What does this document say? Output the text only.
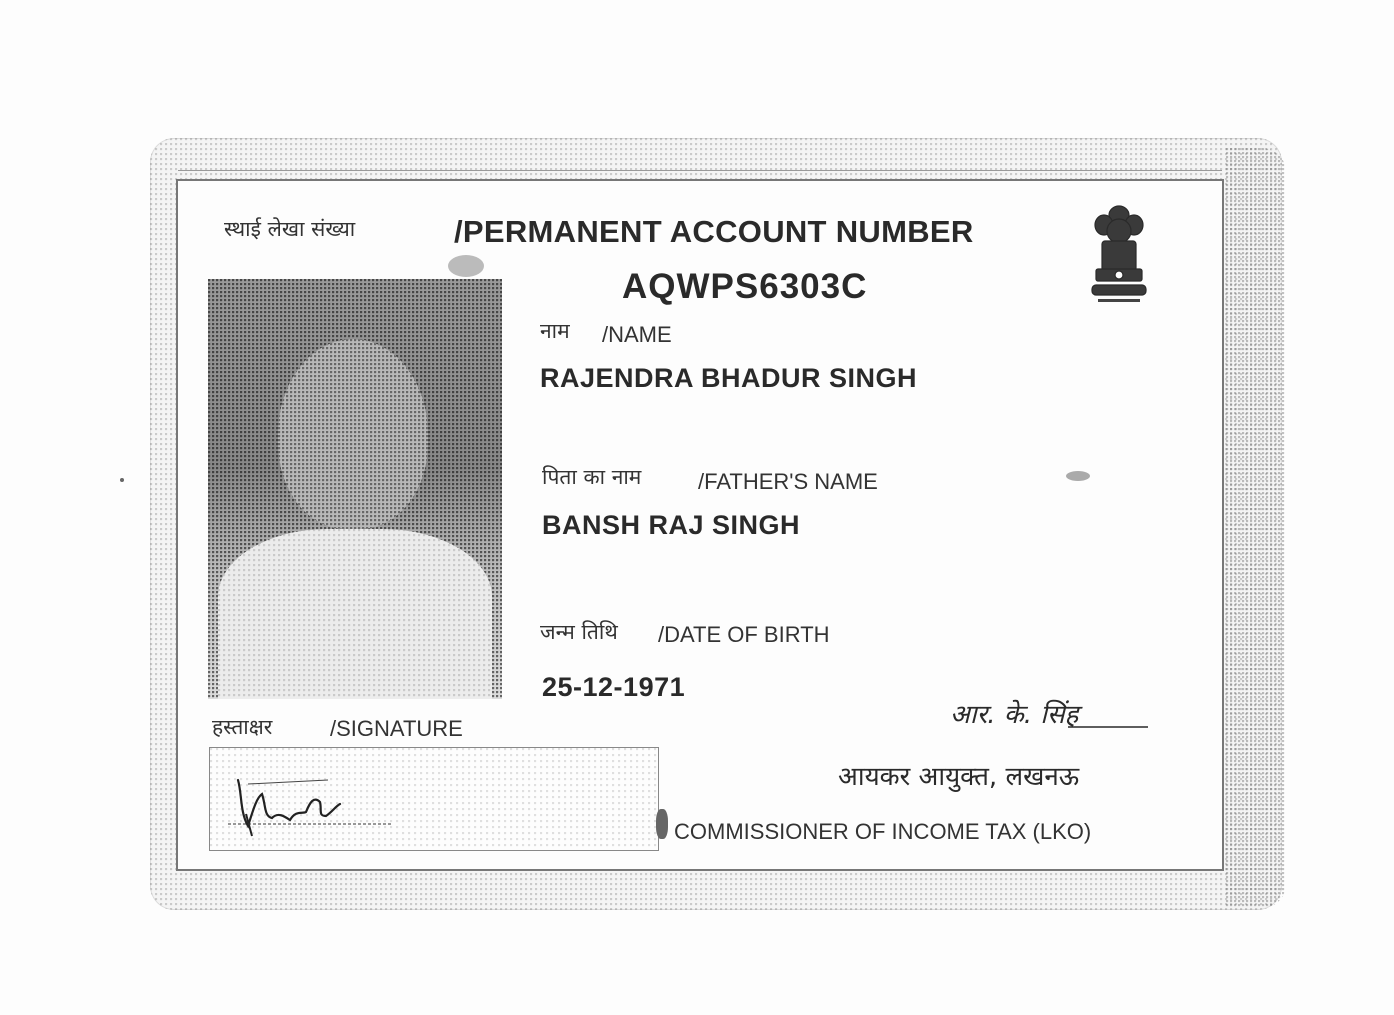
स्थाई लेखा संख्या	/PERMANENT ACCOUNT NUMBER
AQWPS6303C
नाम /NAME
RAJENDRA BHADUR SINGH
पिता का नाम	/FATHER'S NAME
BANSH RAJ SINGH
जन्म तिथि /DATE OF BIRTH
25-12-1971
हस्ताक्षर	/SIGNATURE	आर. के. सिंह
आयकर आयुक्त, लखनऊ
COMMISSIONER OF INCOME TAX (LKO)
